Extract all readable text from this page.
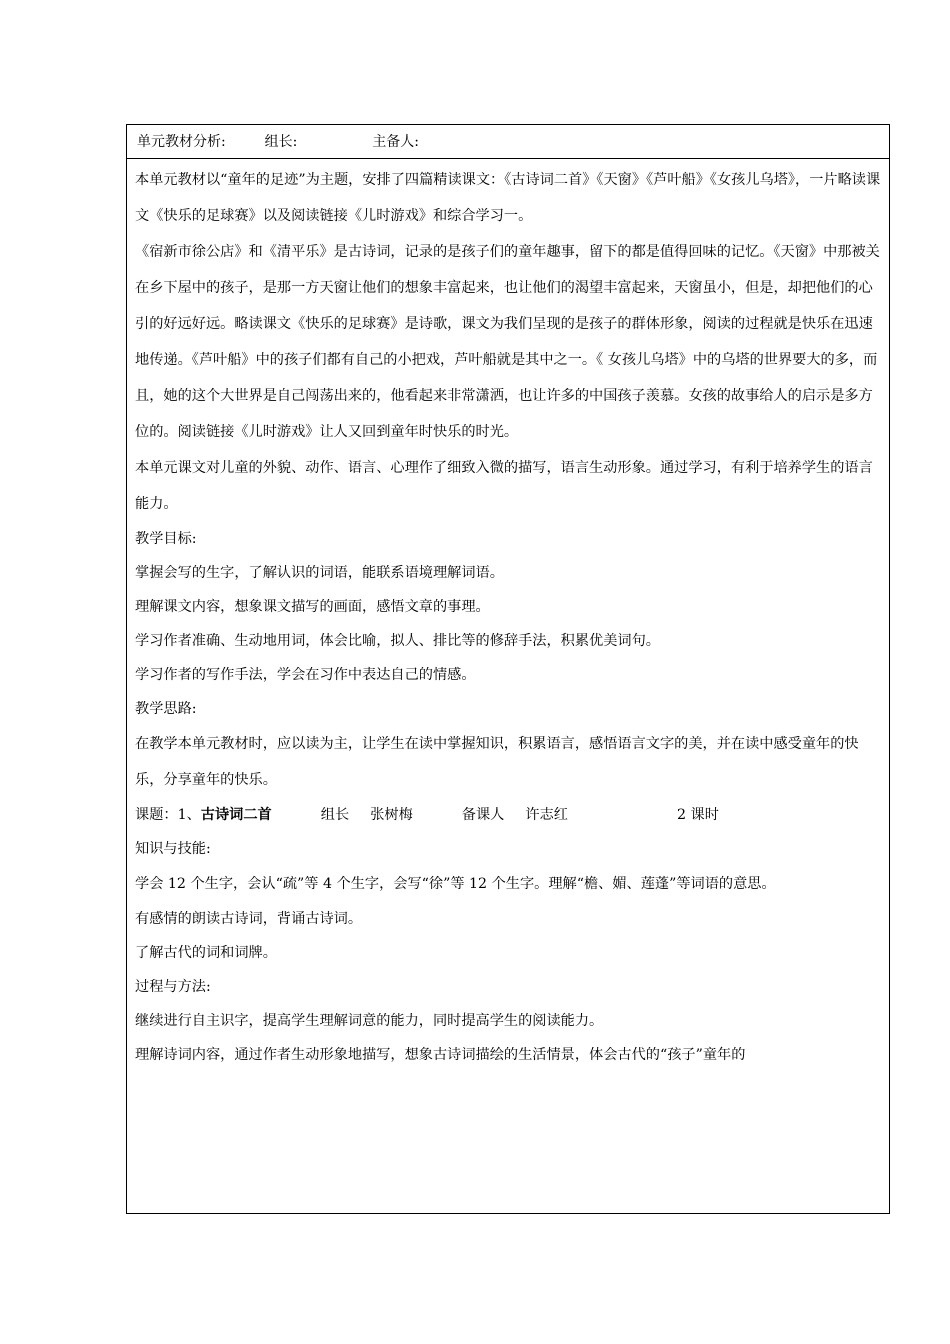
单元教材分析:	组长:	主备人:

本单元教材以“童年的足迹”为主题，安排了四篇精读课文：《古诗词二首》《天窗》《芦叶船》《女孩儿乌塔》，一片略读课文《快乐的足球赛》以及阅读链接《儿时游戏》和综合学习一。

《宿新市徐公店》和《清平乐》是古诗词，记录的是孩子们的童年趣事，留下的都是值得回味的记忆。《天窗》中那被关在乡下屋中的孩子，是那一方天窗让他们的想象丰富起来，也让他们的渴望丰富起来，天窗虽小，但是，却把他们的心引的好远好远。略读课文《快乐的足球赛》是诗歌，课文为我们呈现的是孩子的群体形象，阅读的过程就是快乐在迅速地传递。《芦叶船》中的孩子们都有自己的小把戏，芦叶船就是其中之一。《 女孩儿乌塔》中的乌塔的世界要大的多，而且，她的这个大世界是自己闯荡出来的，他看起来非常潇洒，也让许多的中国孩子羡慕。女孩的故事给人的启示是多方位的。阅读链接《儿时游戏》让人又回到童年时快乐的时光。

本单元课文对儿童的外貌、动作、语言、心理作了细致入微的描写，语言生动形象。通过学习，有利于培养学生的语言能力。

教学目标:

掌握会写的生字，了解认识的词语，能联系语境理解词语。

理解课文内容，想象课文描写的画面，感悟文章的事理。

学习作者准确、生动地用词，体会比喻，拟人、排比等的修辞手法，积累优美词句。

学习作者的写作手法，学会在习作中表达自己的情感。

教学思路:

在教学本单元教材时，应以读为主，让学生在读中掌握知识，积累语言，感悟语言文字的美，并在读中感受童年的快乐，分享童年的快乐。

课题：1、古诗词二首	组长 张树梅	备课人 许志红	2 课时

知识与技能:

学会 12 个生字，会认“疏”等 4 个生字，会写“徐”等 12 个生字。理解“檐、媚、莲蓬”等词语的意思。

有感情的朗读古诗词，背诵古诗词。

了解古代的词和词牌。

过程与方法:

继续进行自主识字，提高学生理解词意的能力，同时提高学生的阅读能力。

理解诗词内容，通过作者生动形象地描写，想象古诗词描绘的生活情景，体会古代的“孩子”童年的
